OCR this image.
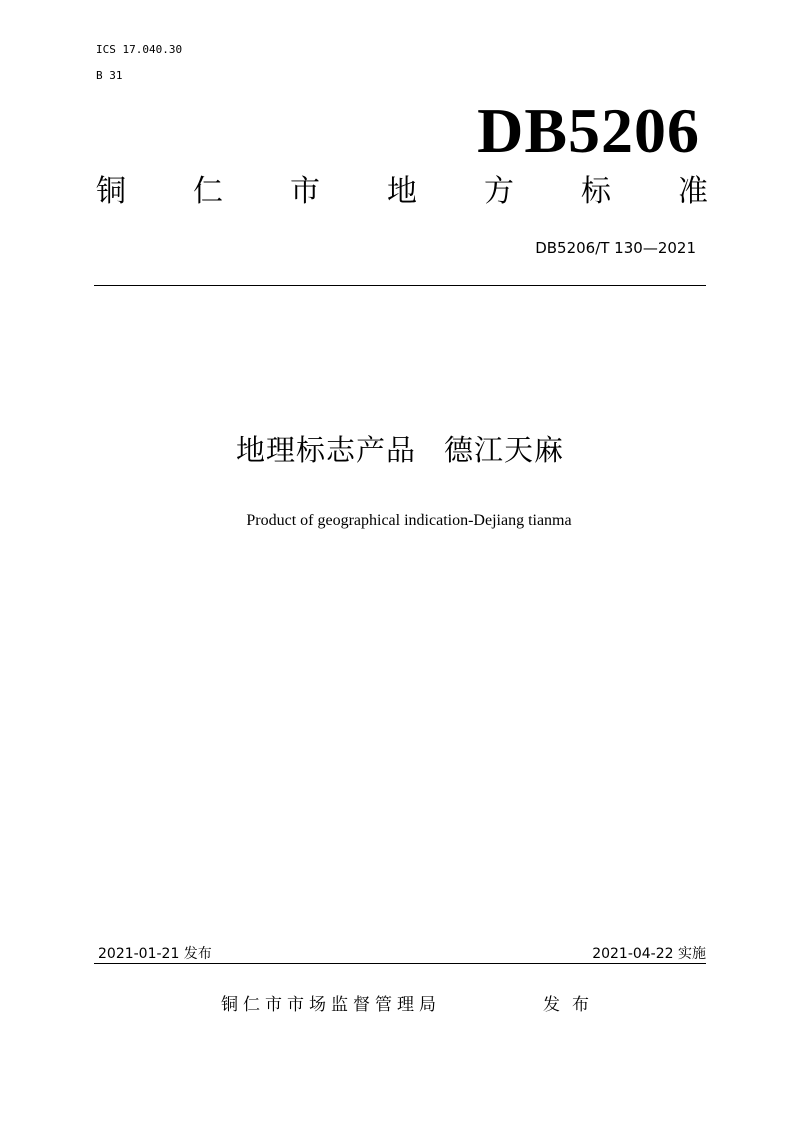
ICS 17.040.30
B 31
DB5206
铜 仁 市 地 方 标 准
DB5206/T 130—2021
地理标志产品 德江天麻
Product of geographical indication-Dejiang tianma
2021-01-21 发布	2021-04-22 实施
铜仁市市场监督管理局	发布
